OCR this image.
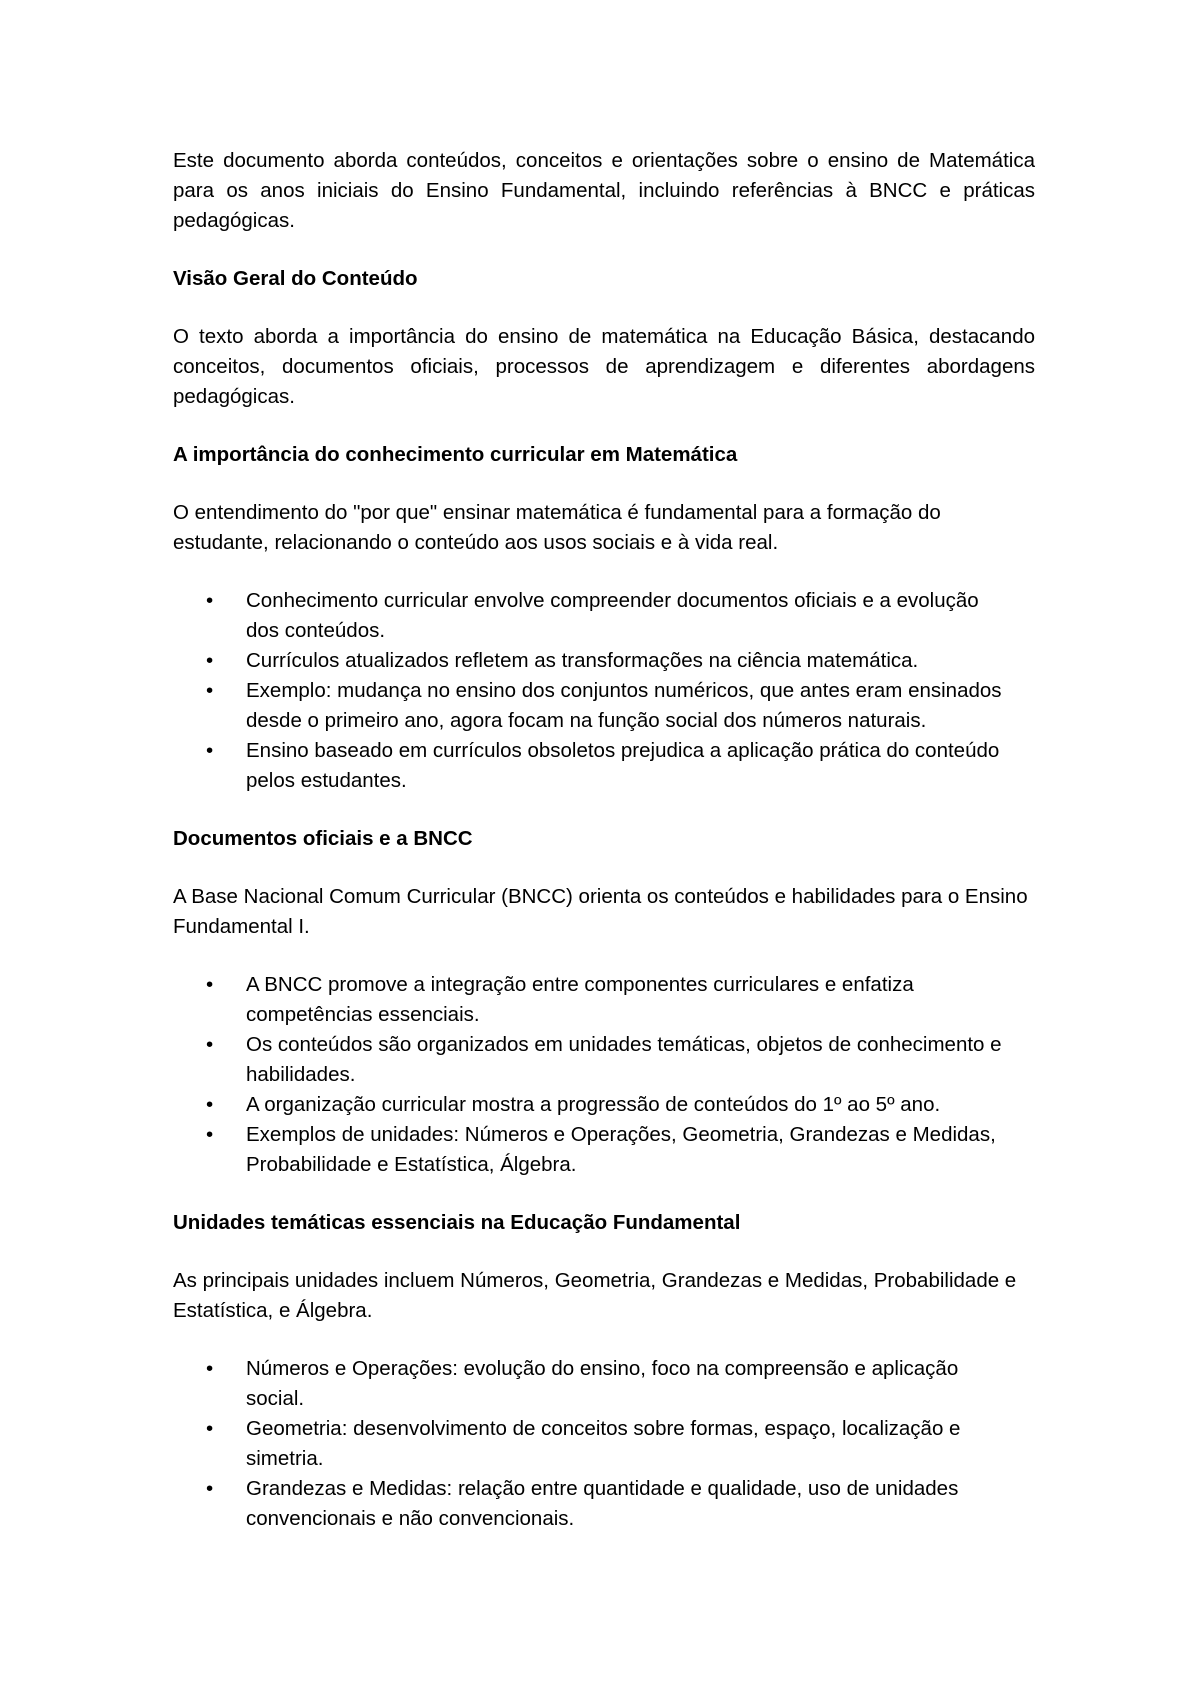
Este documento aborda conteúdos, conceitos e orientações sobre o ensino de Matemática para os anos iniciais do Ensino Fundamental, incluindo referências à BNCC e práticas pedagógicas.

Visão Geral do Conteúdo

O texto aborda a importância do ensino de matemática na Educação Básica, destacando conceitos, documentos oficiais, processos de aprendizagem e diferentes abordagens pedagógicas.

A importância do conhecimento curricular em Matemática

O entendimento do "por que" ensinar matemática é fundamental para a formação do estudante, relacionando o conteúdo aos usos sociais e à vida real.

• Conhecimento curricular envolve compreender documentos oficiais e a evolução dos conteúdos.
• Currículos atualizados refletem as transformações na ciência matemática.
• Exemplo: mudança no ensino dos conjuntos numéricos, que antes eram ensinados desde o primeiro ano, agora focam na função social dos números naturais.
• Ensino baseado em currículos obsoletos prejudica a aplicação prática do conteúdo pelos estudantes.
Documentos oficiais e a BNCC

A Base Nacional Comum Curricular (BNCC) orienta os conteúdos e habilidades para o Ensino Fundamental I.

• A BNCC promove a integração entre componentes curriculares e enfatiza competências essenciais.
• Os conteúdos são organizados em unidades temáticas, objetos de conhecimento e habilidades.
• A organização curricular mostra a progressão de conteúdos do 1º ao 5º ano.
• Exemplos de unidades: Números e Operações, Geometria, Grandezas e Medidas, Probabilidade e Estatística, Álgebra.
Unidades temáticas essenciais na Educação Fundamental

As principais unidades incluem Números, Geometria, Grandezas e Medidas, Probabilidade e Estatística, e Álgebra.

• Números e Operações: evolução do ensino, foco na compreensão e aplicação social.
• Geometria: desenvolvimento de conceitos sobre formas, espaço, localização e simetria.
• Grandezas e Medidas: relação entre quantidade e qualidade, uso de unidades convencionais e não convencionais.
